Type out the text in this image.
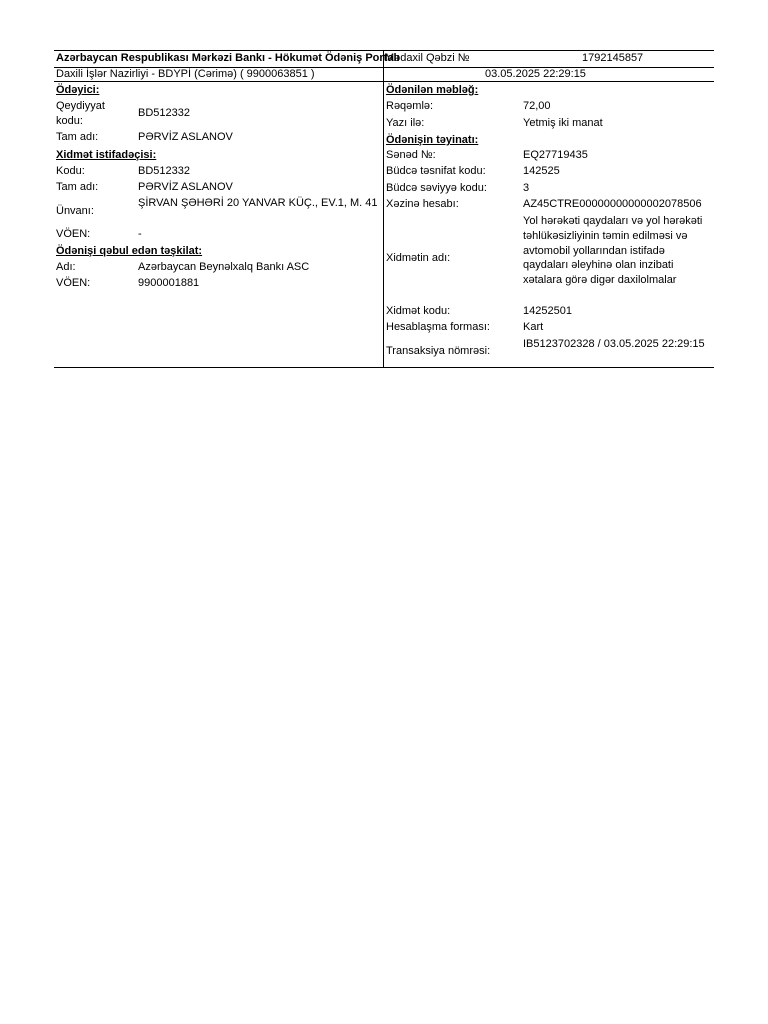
Azərbaycan Respublikası Mərkəzi Bankı - Hökumət Ödəniş Portalı
Mədaxil Qəbzi №	1792145857
Daxili İşlər Nazirliyi - BDYPİ (Cərimə) ( 9900063851 )	03.05.2025 22:29:15
Ödəyici:
Qeydiyyat kodu:
BD512332
Tam adı:	PƏRVİZ ASLANOV
Xidmət istifadəçisi:
Kodu:	BD512332
Tam adı:	PƏRVİZ ASLANOV
Ünvanı:
ŞİRVAN ŞƏHƏRİ 20 YANVAR KÜÇ., EV.1, M. 41
VÖEN:	-
Ödənişi qəbul edən təşkilat:
Adı:	Azərbaycan Beynəlxalq Bankı ASC
VÖEN:	9900001881
Ödənilən məbləğ:
Rəqəmlə:	72,00
Yazı ilə:	Yetmiş iki manat
Ödənişin təyinatı:
Sənəd №:	EQ27719435
Büdcə təsnifat kodu:	142525
Büdcə səviyyə kodu:	3
Xəzinə hesabı:	AZ45CTRE00000000000002078506
Xidmətin adı:
Yol hərəkəti qaydaları və yol hərəkəti təhlükəsizliyinin təmin edilməsi və avtomobil yollarından istifadə qaydaları əleyhinə olan inzibati xətalara görə digər daxilolmalar
Xidmət kodu:	14252501
Hesablaşma forması:	Kart
Transaksiya nömrəsi:
IB5123702328 / 03.05.2025 22:29:15
